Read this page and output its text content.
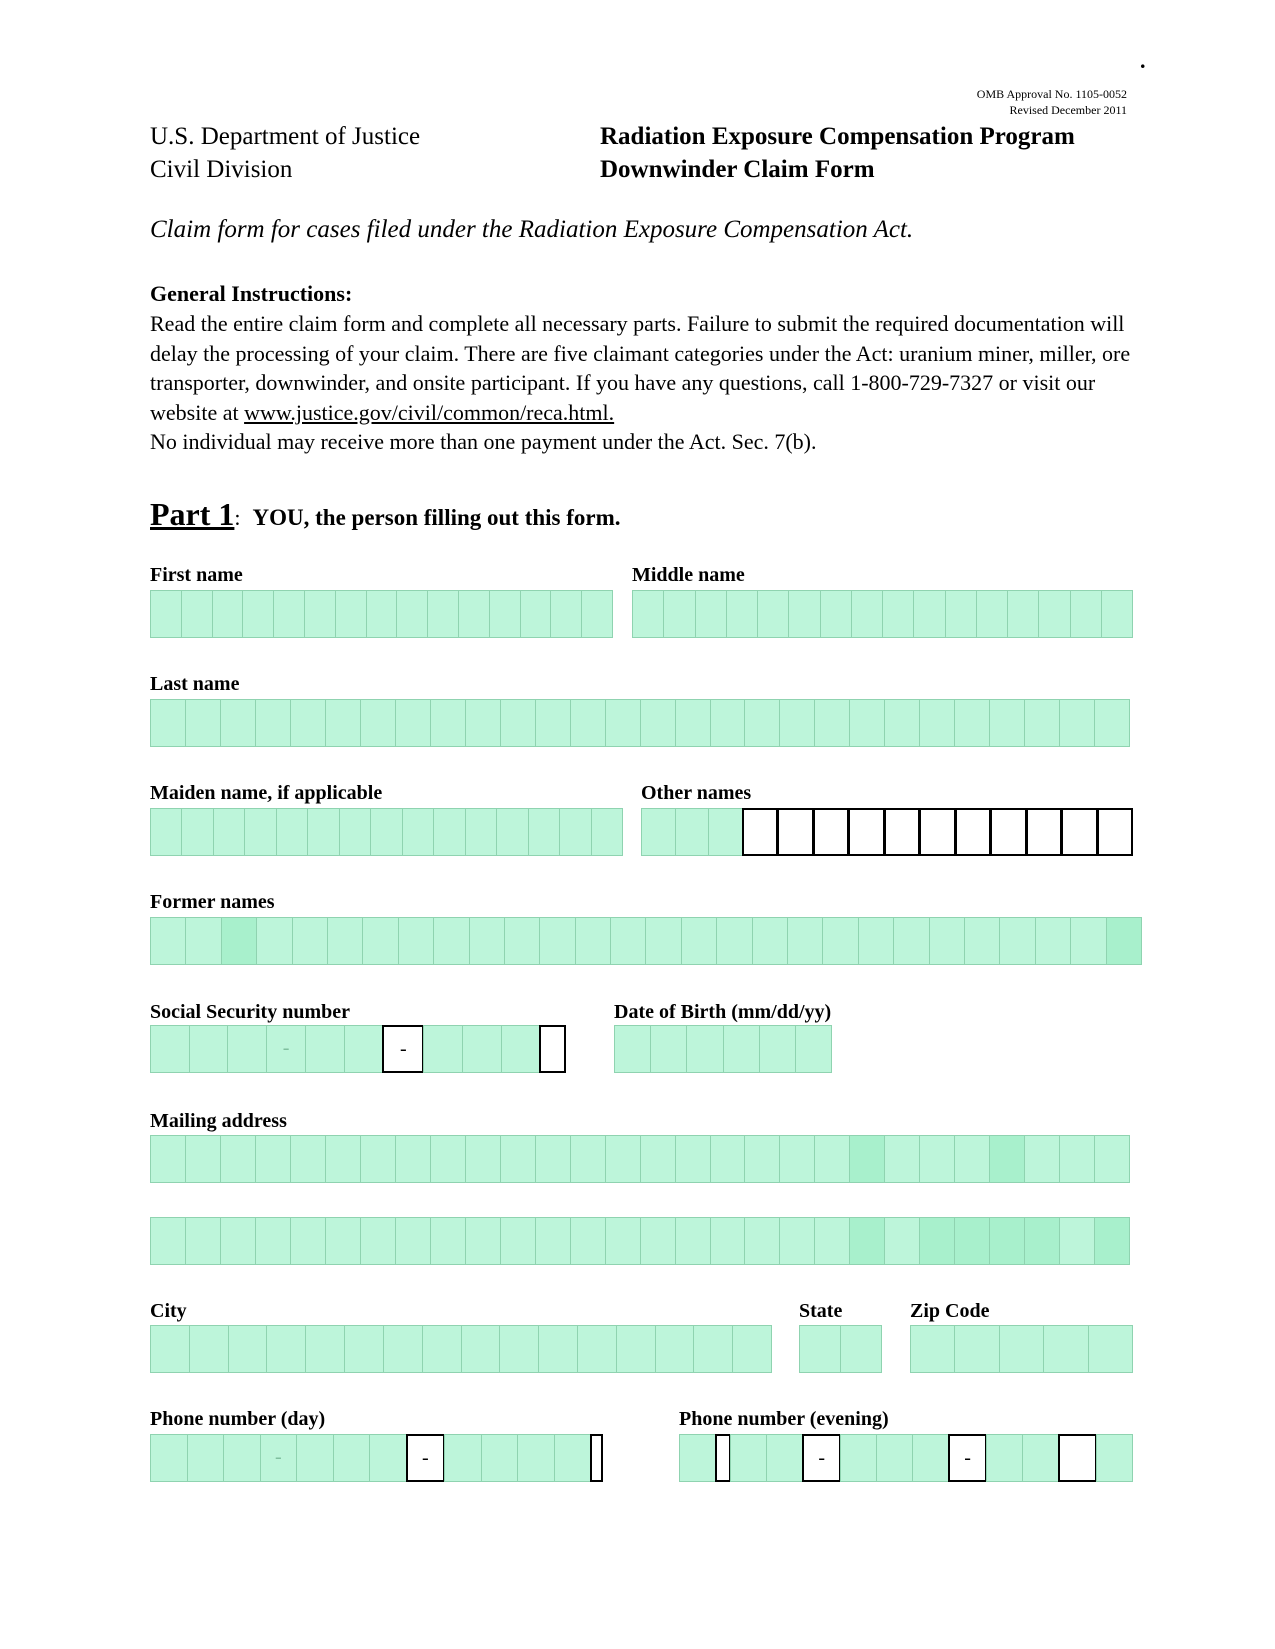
.
OMB Approval No. 1105-0052
Revised December 2011
U.S. Department of Justice
Civil Division
Radiation Exposure Compensation Program
Downwinder Claim Form
Claim form for cases filed under the Radiation Exposure Compensation Act.
General Instructions:
Read the entire claim form and complete all necessary parts. Failure to submit the required documentation will delay the processing of your claim. There are five claimant categories under the Act: uranium miner, miller, ore transporter, downwinder, and onsite participant. If you have any questions, call 1-800-729-7327 or visit our website at www.justice.gov/civil/common/reca.html.
No individual may receive more than one payment under the Act. Sec. 7(b).
Part 1: YOU, the person filling out this form.
First name	Middle name
Last name
Maiden name, if applicable	Other names
Former names
Social Security number
-	-
Date of Birth (mm/dd/yy)
Mailing address
City	State	Zip Code
Phone number (day)
-	-
Phone number (evening)
-	-
